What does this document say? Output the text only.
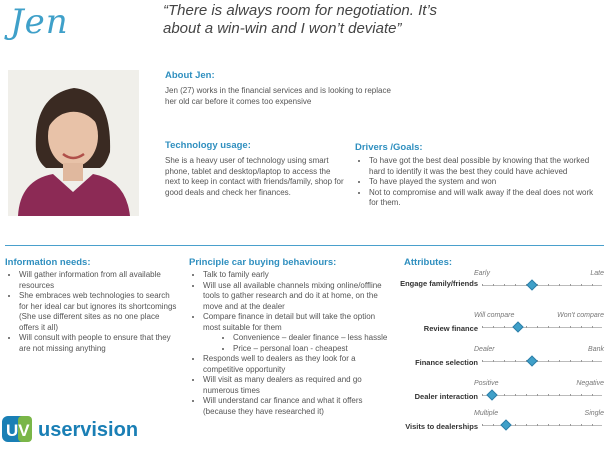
Jen	“There is always room for negotiation. It’s about a win-win and I won’t deviate”
About Jen:
Jen (27) works in the financial services and is looking to replace her old car before it comes too expensive
Technology usage:
She is a heavy user of technology using smart phone, tablet and desktop/laptop to access the next to keep in contact with friends/family, shop for good deals and check her finances.
Drivers /Goals:
• To have got the best deal possible by knowing that the worked hard to identify it was the best they could have achieved
• To have played the system and won
• Not to compromise and will walk away if the deal does not work for them.
Information needs:
• Will gather information from all available resources
• She embraces web technologies to search for her ideal car but ignores its shortcomings (She use different sites as no one place offers it all)
• Will consult with people to ensure that they are not missing anything
Principle car buying behaviours:
• Talk to family early
• Will use all available channels mixing online/offline tools to gather research and do it at home, on the move and at the dealer
• Compare finance in detail but will take the option most suitable for them
• Convenience – dealer finance – less hassle
• Price – personal loan - cheapest
• Responds well to dealers as they look for a competitive opportunity
• Will visit as many dealers as required and go numerous times
• Will understand car finance and what it offers (because they have researched it)
Attributes:
Early	Late
Engage family/friends
Will compare	Won't compare
Review finance
Dealer	Bank
Finance selection
Positive	Negative
Dealer interaction
Multiple	Single
Visits to dealerships
UV uservision
